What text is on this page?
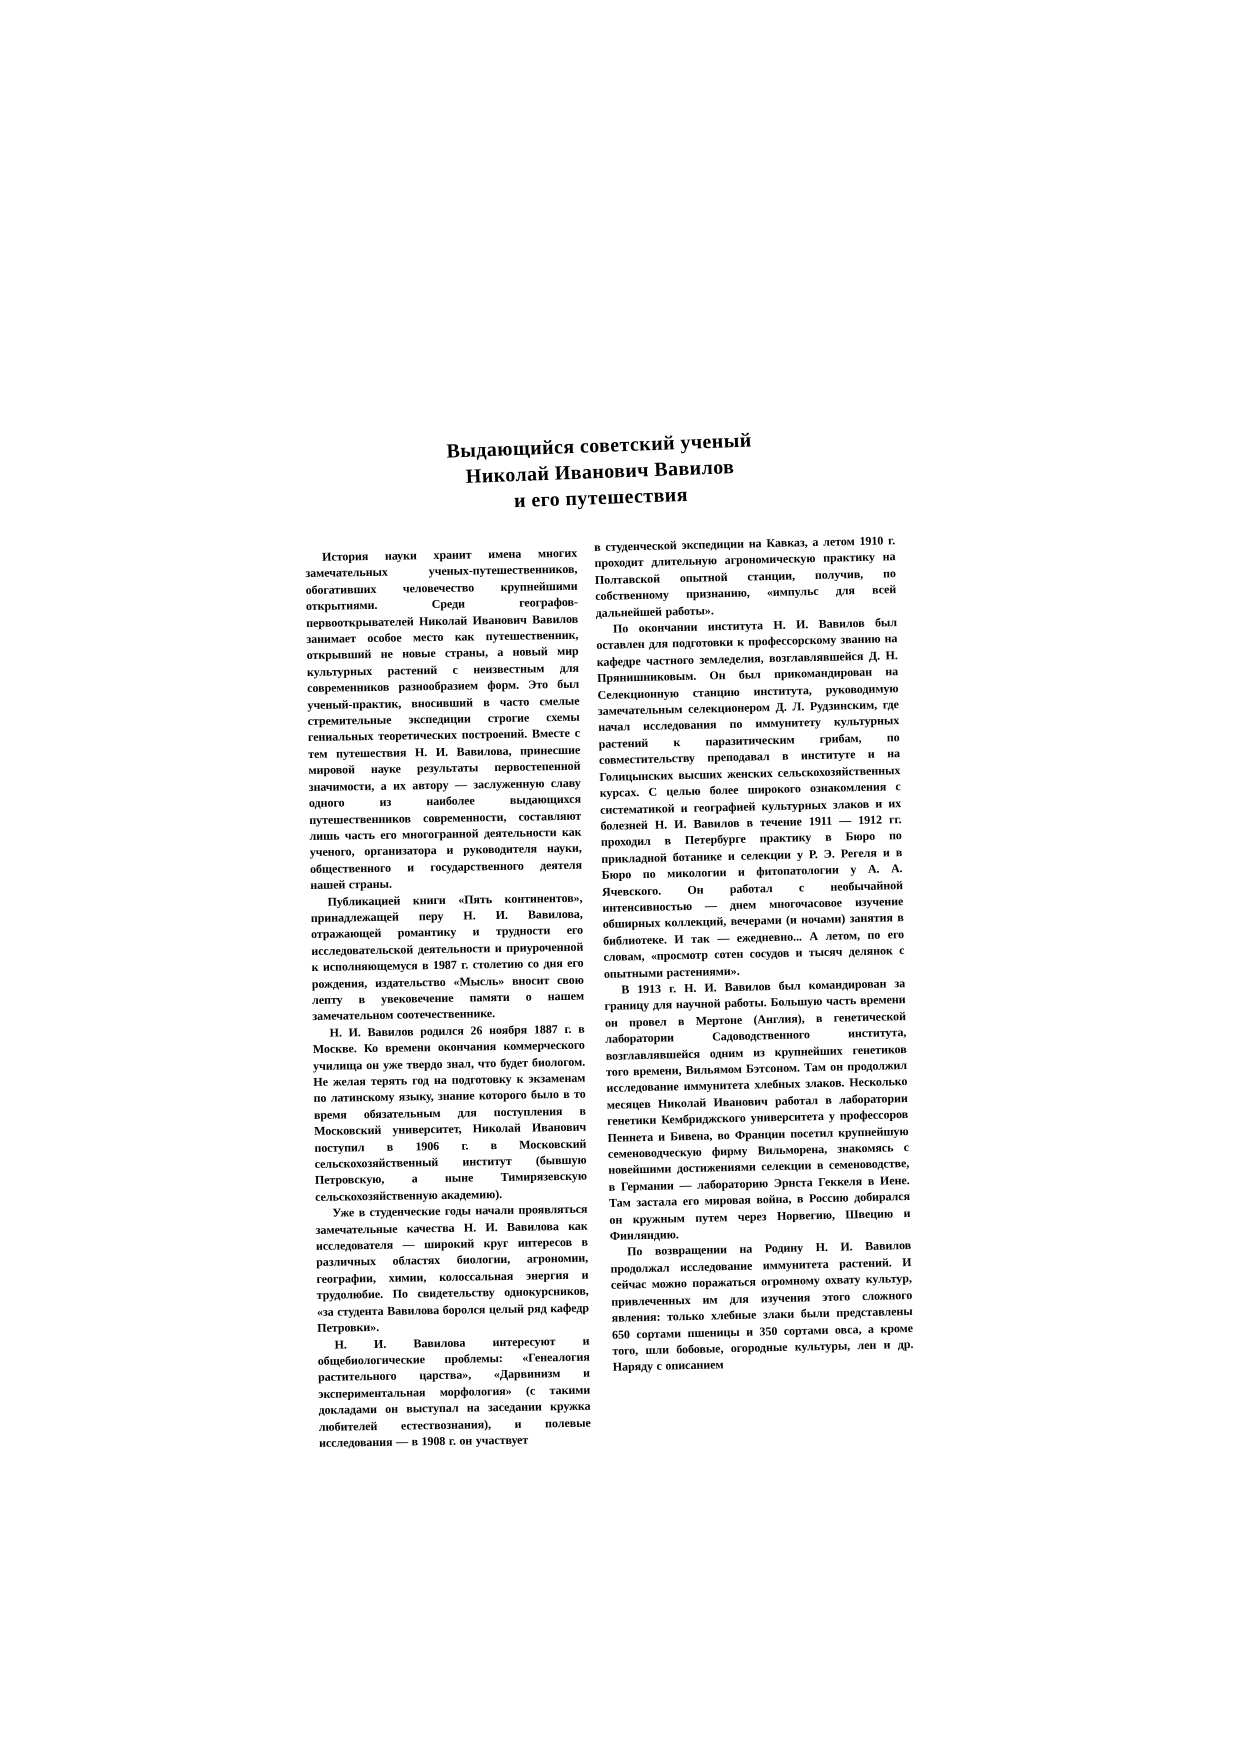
Выдающийся советский ученый
Николай Иванович Вавилов
и его путешествия

История науки хранит имена многих замечательных ученых-путешественников, обогативших человечество крупнейшими открытиями. Среди географов-первооткрывателей Николай Иванович Вавилов занимает особое место как путешественник, открывший не новые страны, а новый мир культурных растений с неизвестным для современников разнообразием форм. Это был ученый-практик, вносивший в часто смелые стремительные экспедиции строгие схемы гениальных теоретических построений. Вместе с тем путешествия Н. И. Вавилова, принесшие мировой науке результаты первостепенной значимости, а их автору — заслуженную славу одного из наиболее выдающихся путешественников современности, составляют лишь часть его многогранной деятельности как ученого, организатора и руководителя науки, общественного и государственного деятеля нашей страны.

Публикацией книги «Пять континентов», принадлежащей перу Н. И. Вавилова, отражающей романтику и трудности его исследовательской деятельности и приуроченной к исполняющемуся в 1987 г. столетию со дня его рождения, издательство «Мысль» вносит свою лепту в увековечение памяти о нашем замечательном соотечественнике.

Н. И. Вавилов родился 26 ноября 1887 г. в Москве. Ко времени окончания коммерческого училища он уже твердо знал, что будет биологом. Не желая терять год на подготовку к экзаменам по латинскому языку, знание которого было в то время обязательным для поступления в Московский университет, Николай Иванович поступил в 1906 г. в Московский сельскохозяйственный институт (бывшую Петровскую, а ныне Тимирязевскую сельскохозяйственную академию).

Уже в студенческие годы начали проявляться замечательные качества Н. И. Вавилова как исследователя — широкий круг интересов в различных областях биологии, агрономии, географии, химии, колоссальная энергия и трудолюбие. По свидетельству однокурсников, «за студента Вавилова боролся целый ряд кафедр Петровки».

Н. И. Вавилова интересуют и общебиологические проблемы: «Генеалогия растительного царства», «Дарвинизм и экспериментальная морфология» (с такими докладами он выступал на заседании кружка любителей естествознания), и полевые исследования — в 1908 г. он участвует

в студенческой экспедиции на Кавказ, а летом 1910 г. проходит длительную агрономическую практику на Полтавской опытной станции, получив, по собственному признанию, «импульс для всей дальнейшей работы».

По окончании института Н. И. Вавилов был оставлен для подготовки к профессорскому званию на кафедре частного земледелия, возглавлявшейся Д. Н. Прянишниковым. Он был прикомандирован на Селекционную станцию института, руководимую замечательным селекционером Д. Л. Рудзинским, где начал исследования по иммунитету культурных растений к паразитическим грибам, по совместительству преподавал в институте и на Голицынских высших женских сельскохозяйственных курсах. С целью более широкого ознакомления с систематикой и географией культурных злаков и их болезней Н. И. Вавилов в течение 1911 — 1912 гг. проходил в Петербурге практику в Бюро по прикладной ботанике и селекции у Р. Э. Регеля и в Бюро по микологии и фитопатологии у А. А. Ячевского. Он работал с необычайной интенсивностью — днем многочасовое изучение обширных коллекций, вечерами (и ночами) занятия в библиотеке. И так — ежедневно... А летом, по его словам, «просмотр сотен сосудов и тысяч делянок с опытными растениями».

В 1913 г. Н. И. Вавилов был командирован за границу для научной работы. Большую часть времени он провел в Мертоне (Англия), в генетической лаборатории Садоводственного института, возглавлявшейся одним из крупнейших генетиков того времени, Вильямом Бэтсоном. Там он продолжил исследование иммунитета хлебных злаков. Несколько месяцев Николай Иванович работал в лаборатории генетики Кембриджского университета у профессоров Пеннета и Бивена, во Франции посетил крупнейшую семеноводческую фирму Вильморена, знакомясь с новейшими достижениями селекции в семеноводстве, в Германии — лабораторию Эрнста Геккеля в Иене. Там застала его мировая война, в Россию добирался он кружным путем через Норвегию, Швецию и Финляндию.

По возвращении на Родину Н. И. Вавилов продолжал исследование иммунитета растений. И сейчас можно поражаться огромному охвату культур, привлеченных им для изучения этого сложного явления: только хлебные злаки были представлены 650 сортами пшеницы и 350 сортами овса, а кроме того, шли бобовые, огородные культуры, лен и др. Наряду с описанием
